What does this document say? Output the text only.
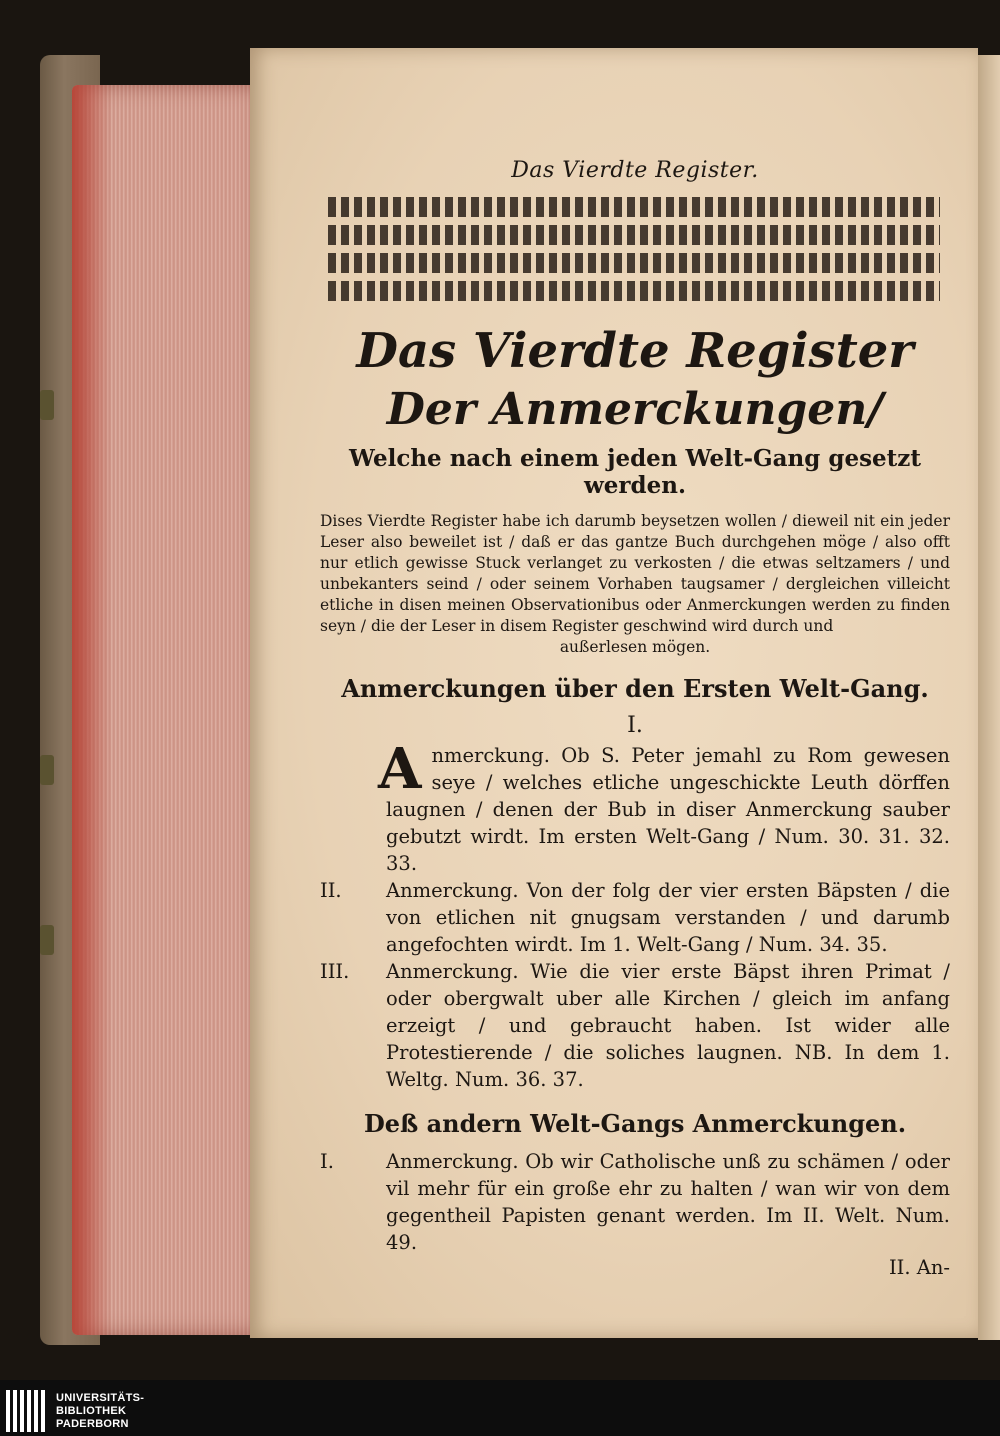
Das Vierdte Register.

Das Vierdte Register

Der Anmerckungen/

Welche nach einem jeden Welt-Gang gesetzt werden.

Dises Vierdte Register habe ich darumb beysetzen wollen / dieweil nit ein jeder Leser also beweilet ist / daß er das gantze Buch durchgehen möge / also offt nur etlich gewisse Stuck verlanget zu verkosten / die etwas seltzamers / und unbekanters seind / oder seinem Vorhaben taugsamer / dergleichen villeicht etliche in disen meinen Observationibus oder Anmerckungen werden zu finden seyn / die der Leser in disem Register geschwind wird durch und

außerlesen mögen.

Anmerckungen über den Ersten Welt-Gang.

I.

Anmerckung. Ob S. Peter jemahl zu Rom gewesen seye / welches etliche ungeschickte Leuth dörffen laugnen / denen der Bub in diser Anmerckung sauber gebutzt wirdt. Im ersten Welt-Gang / Num. 30. 31. 32. 33.
II.	Anmerckung. Von der folg der vier ersten Bäpsten / die von etlichen nit gnugsam verstanden / und darumb angefochten wirdt. Im 1. Welt-Gang / Num. 34. 35.
III.	Anmerckung. Wie die vier erste Bäpst ihren Primat / oder obergwalt uber alle Kirchen / gleich im anfang erzeigt / und gebraucht haben. Ist wider alle Protestierende / die soliches laugnen. NB. In dem 1. Weltg. Num. 36. 37.

Deß andern Welt-Gangs Anmerckungen.

I.	Anmerckung. Ob wir Catholische unß zu schämen / oder vil mehr für ein große ehr zu halten / wan wir von dem gegentheil Papisten genant werden. Im II. Welt. Num. 49.

II. An-

UNIVERSITÄTS-
BIBLIOTHEK
PADERBORN
